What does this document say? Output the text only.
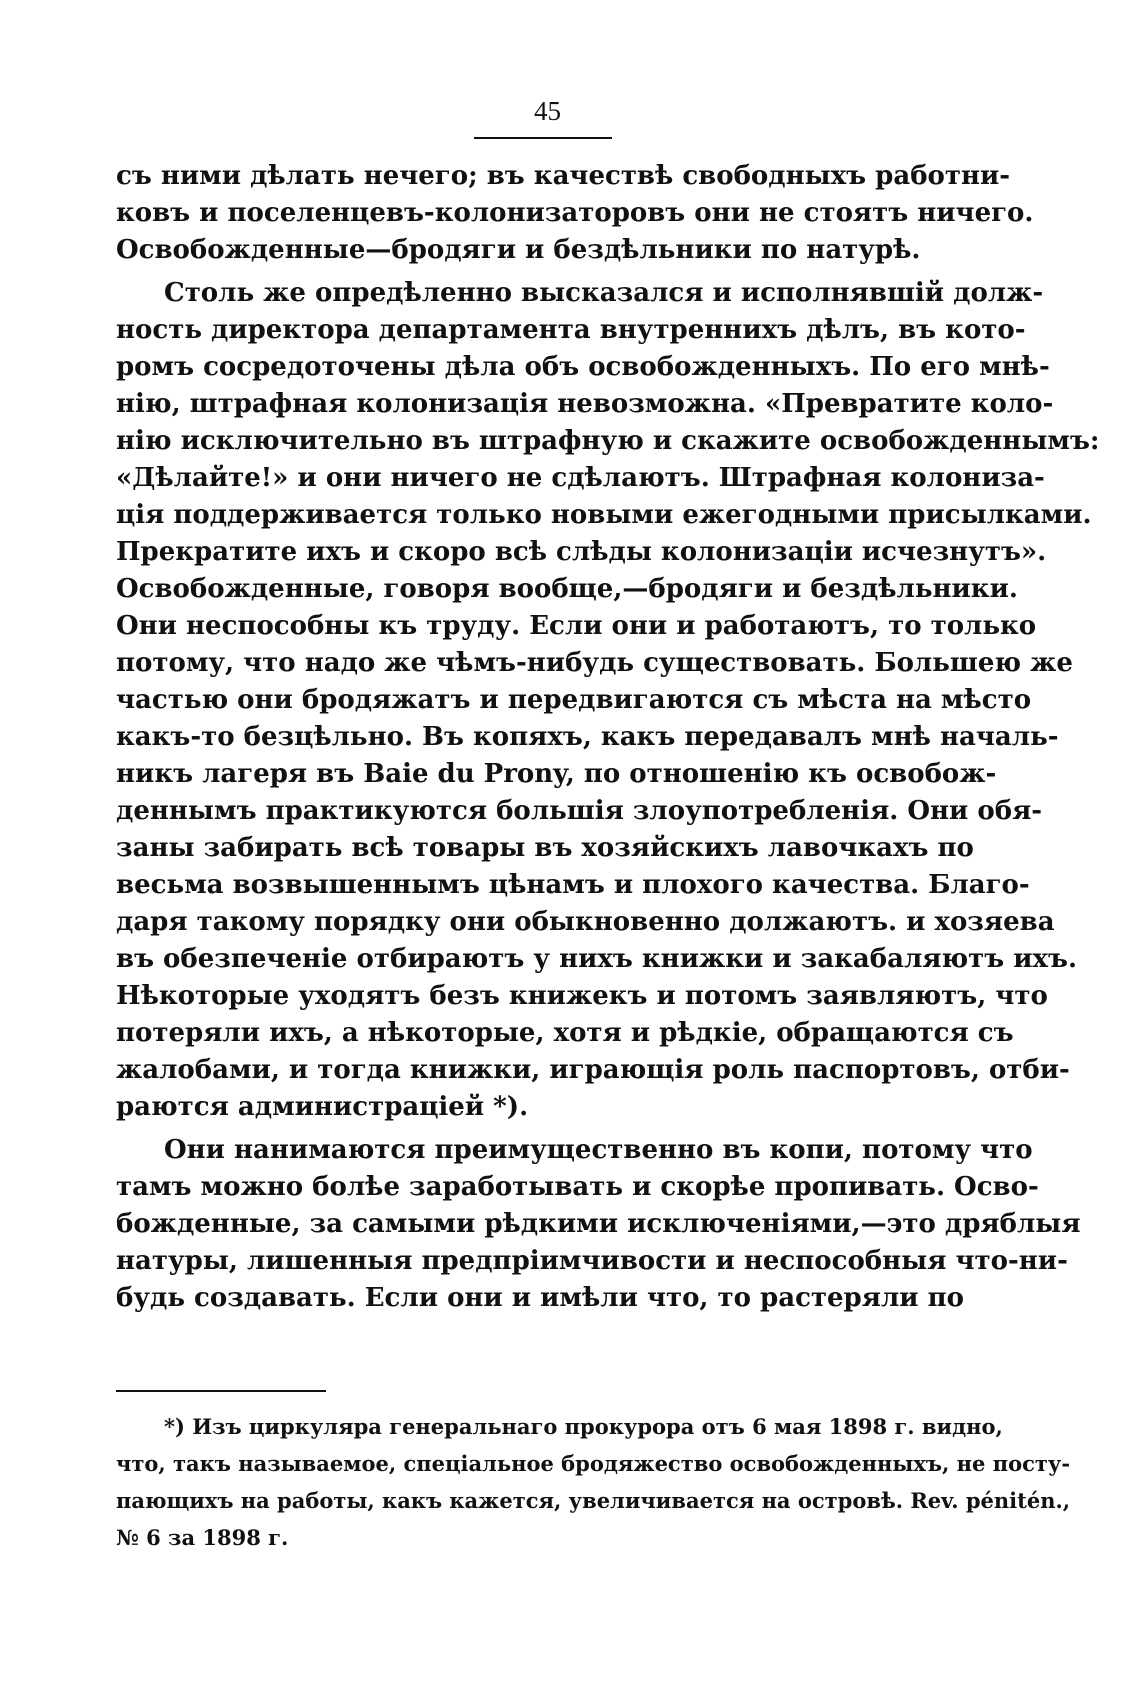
45
съ ними дѣлать нечего; въ качествѣ свободныхъ работни-
ковъ и поселенцевъ-колонизаторовъ они не стоятъ ничего.
Освобожденные—бродяги и бездѣльники по натурѣ.
Столь же опредѣленно высказался и исполнявшій долж-
ность директора департамента внутреннихъ дѣлъ, въ кото-
ромъ сосредоточены дѣла объ освобожденныхъ. По его мнѣ-
нію, штрафная колонизація невозможна. «Превратите коло-
нію исключительно въ штрафную и скажите освобожденнымъ:
«Дѣлайте!» и они ничего не сдѣлаютъ. Штрафная колониза-
ція поддерживается только новыми ежегодными присылками.
Прекратите ихъ и скоро всѣ слѣды колонизаціи исчезнутъ».
Освобожденные, говоря вообще,—бродяги и бездѣльники.
Они неспособны къ труду. Если они и работаютъ, то только
потому, что надо же чѣмъ-нибудь существовать. Большею же
частью они бродяжатъ и передвигаются съ мѣста на мѣсто
какъ-то безцѣльно. Въ копяхъ, какъ передавалъ мнѣ началь-
никъ лагеря въ Baie du Prony, по отношенію къ освобож-
деннымъ практикуются большія злоупотребленія. Они обя-
заны забирать всѣ товары въ хозяйскихъ лавочкахъ по
весьма возвышеннымъ цѣнамъ и плохого качества. Благо-
даря такому порядку они обыкновенно должаютъ. и хозяева
въ обезпеченіе отбираютъ у нихъ книжки и закабаляютъ ихъ.
Нѣкоторые уходятъ безъ книжекъ и потомъ заявляютъ, что
потеряли ихъ, а нѣкоторые, хотя и рѣдкіе, обращаются съ
жалобами, и тогда книжки, играющія роль паспортовъ, отби-
раются администраціей *).
Они нанимаются преимущественно въ копи, потому что
тамъ можно болѣе заработывать и скорѣе пропивать. Осво-
божденные, за самыми рѣдкими исключеніями,—это дряблыя
натуры, лишенныя предпріимчивости и неспособныя что-ни-
будь создавать. Если они и имѣли что, то растеряли по
*) Изъ циркуляра генеральнаго прокурора отъ 6 мая 1898 г. видно,
что, такъ называемое, спеціальное бродяжество освобожденныхъ, не посту-
пающихъ на работы, какъ кажется, увеличивается на островѣ. Rev. pénitén.,
№ 6 за 1898 г.
